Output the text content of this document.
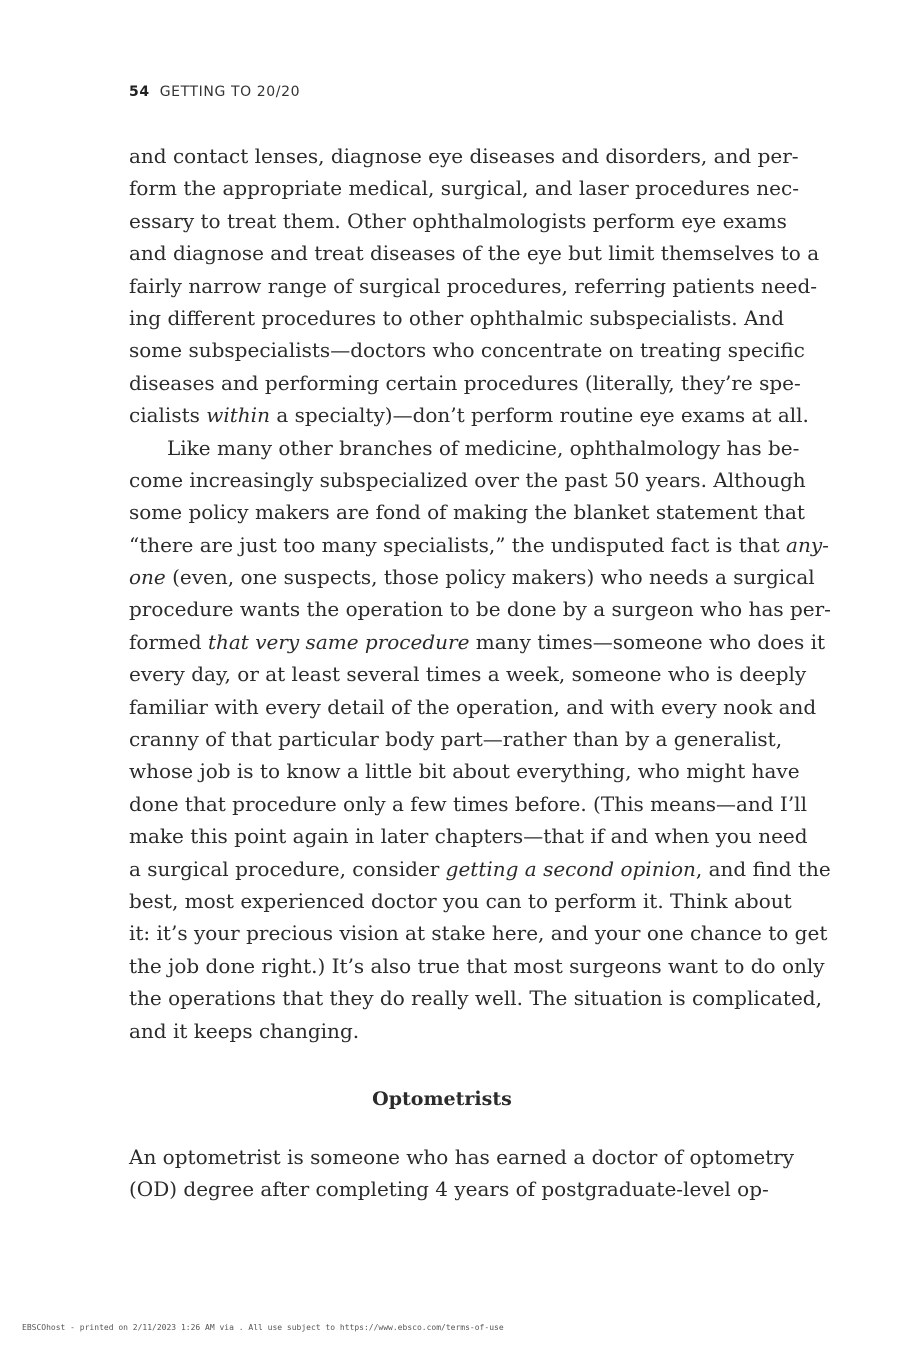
54 GETTING TO 20/20
and contact lenses, diagnose eye diseases and disorders, and per-
form the appropriate medical, surgical, and laser procedures nec-
essary to treat them. Other ophthalmologists perform eye exams
and diagnose and treat diseases of the eye but limit themselves to a
fairly narrow range of surgical procedures, referring patients need-
ing different procedures to other ophthalmic subspecialists. And
some subspecialists—doctors who concentrate on treating specific
diseases and performing certain procedures (literally, they’re spe-
cialists within a specialty)—don’t perform routine eye exams at all.
Like many other branches of medicine, ophthalmology has be-
come increasingly subspecialized over the past 50 years. Although
some policy makers are fond of making the blanket statement that
“there are just too many specialists,” the undisputed fact is that any-
one (even, one suspects, those policy makers) who needs a surgical
procedure wants the operation to be done by a surgeon who has per-
formed that very same procedure many times—someone who does it
every day, or at least several times a week, someone who is deeply
familiar with every detail of the operation, and with every nook and
cranny of that particular body part—rather than by a generalist,
whose job is to know a little bit about everything, who might have
done that procedure only a few times before. (This means—and I’ll
make this point again in later chapters—that if and when you need
a surgical procedure, consider getting a second opinion, and find the
best, most experienced doctor you can to perform it. Think about
it: it’s your precious vision at stake here, and your one chance to get
the job done right.) It’s also true that most surgeons want to do only
the operations that they do really well. The situation is complicated,
and it keeps changing.
Optometrists
An optometrist is someone who has earned a doctor of optometry
(OD) degree after completing 4 years of postgraduate-level op-
EBSCOhost - printed on 2/11/2023 1:26 AM via . All use subject to https://www.ebsco.com/terms-of-use
